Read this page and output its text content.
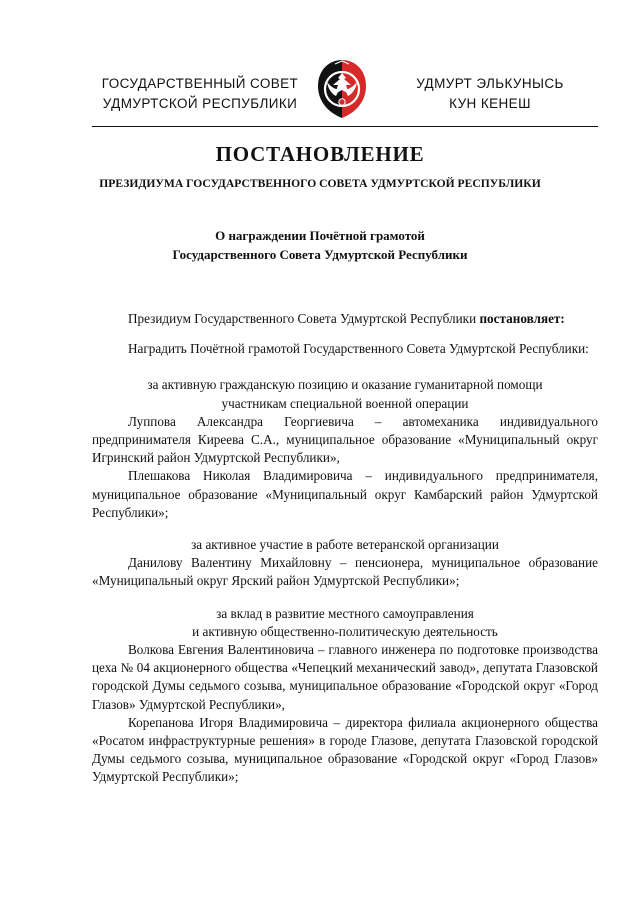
ГОСУДАРСТВЕННЫЙ СОВЕТ
УДМУРТСКОЙ РЕСПУБЛИКИ
УДМУРТ ЭЛЬКУНЫСЬ
КУН КЕНЕШ
ПОСТАНОВЛЕНИЕ
ПРЕЗИДИУМА ГОСУДАРСТВЕННОГО СОВЕТА УДМУРТСКОЙ РЕСПУБЛИКИ
О награждении Почётной грамотой
Государственного Совета Удмуртской Республики

Президиум Государственного Совета Удмуртской Республики постановляет:

Наградить Почётной грамотой Государственного Совета Удмуртской Республики:

за активную гражданскую позицию и оказание гуманитарной помощи

участникам специальной военной операции

Луппова Александра Георгиевича – автомеханика индивидуального предпринимателя Киреева С.А., муниципальное образование «Муниципальный округ Игринский район Удмуртской Республики»,

Плешакова Николая Владимировича – индивидуального предпринимателя, муниципальное образование «Муниципальный округ Камбарский район Удмуртской Республики»;

за активное участие в работе ветеранской организации

Данилову Валентину Михайловну – пенсионера, муниципальное образование «Муниципальный округ Ярский район Удмуртской Республики»;

за вклад в развитие местного самоуправления

и активную общественно-политическую деятельность

Волкова Евгения Валентиновича – главного инженера по подготовке производства цеха № 04 акционерного общества «Чепецкий механический завод», депутата Глазовской городской Думы седьмого созыва, муниципальное образование «Городской округ «Город Глазов» Удмуртской Республики»,

Корепанова Игоря Владимировича – директора филиала акционерного общества «Росатом инфраструктурные решения» в городе Глазове, депутата Глазовской городской Думы седьмого созыва, муниципальное образование «Городской округ «Город Глазов» Удмуртской Республики»;
